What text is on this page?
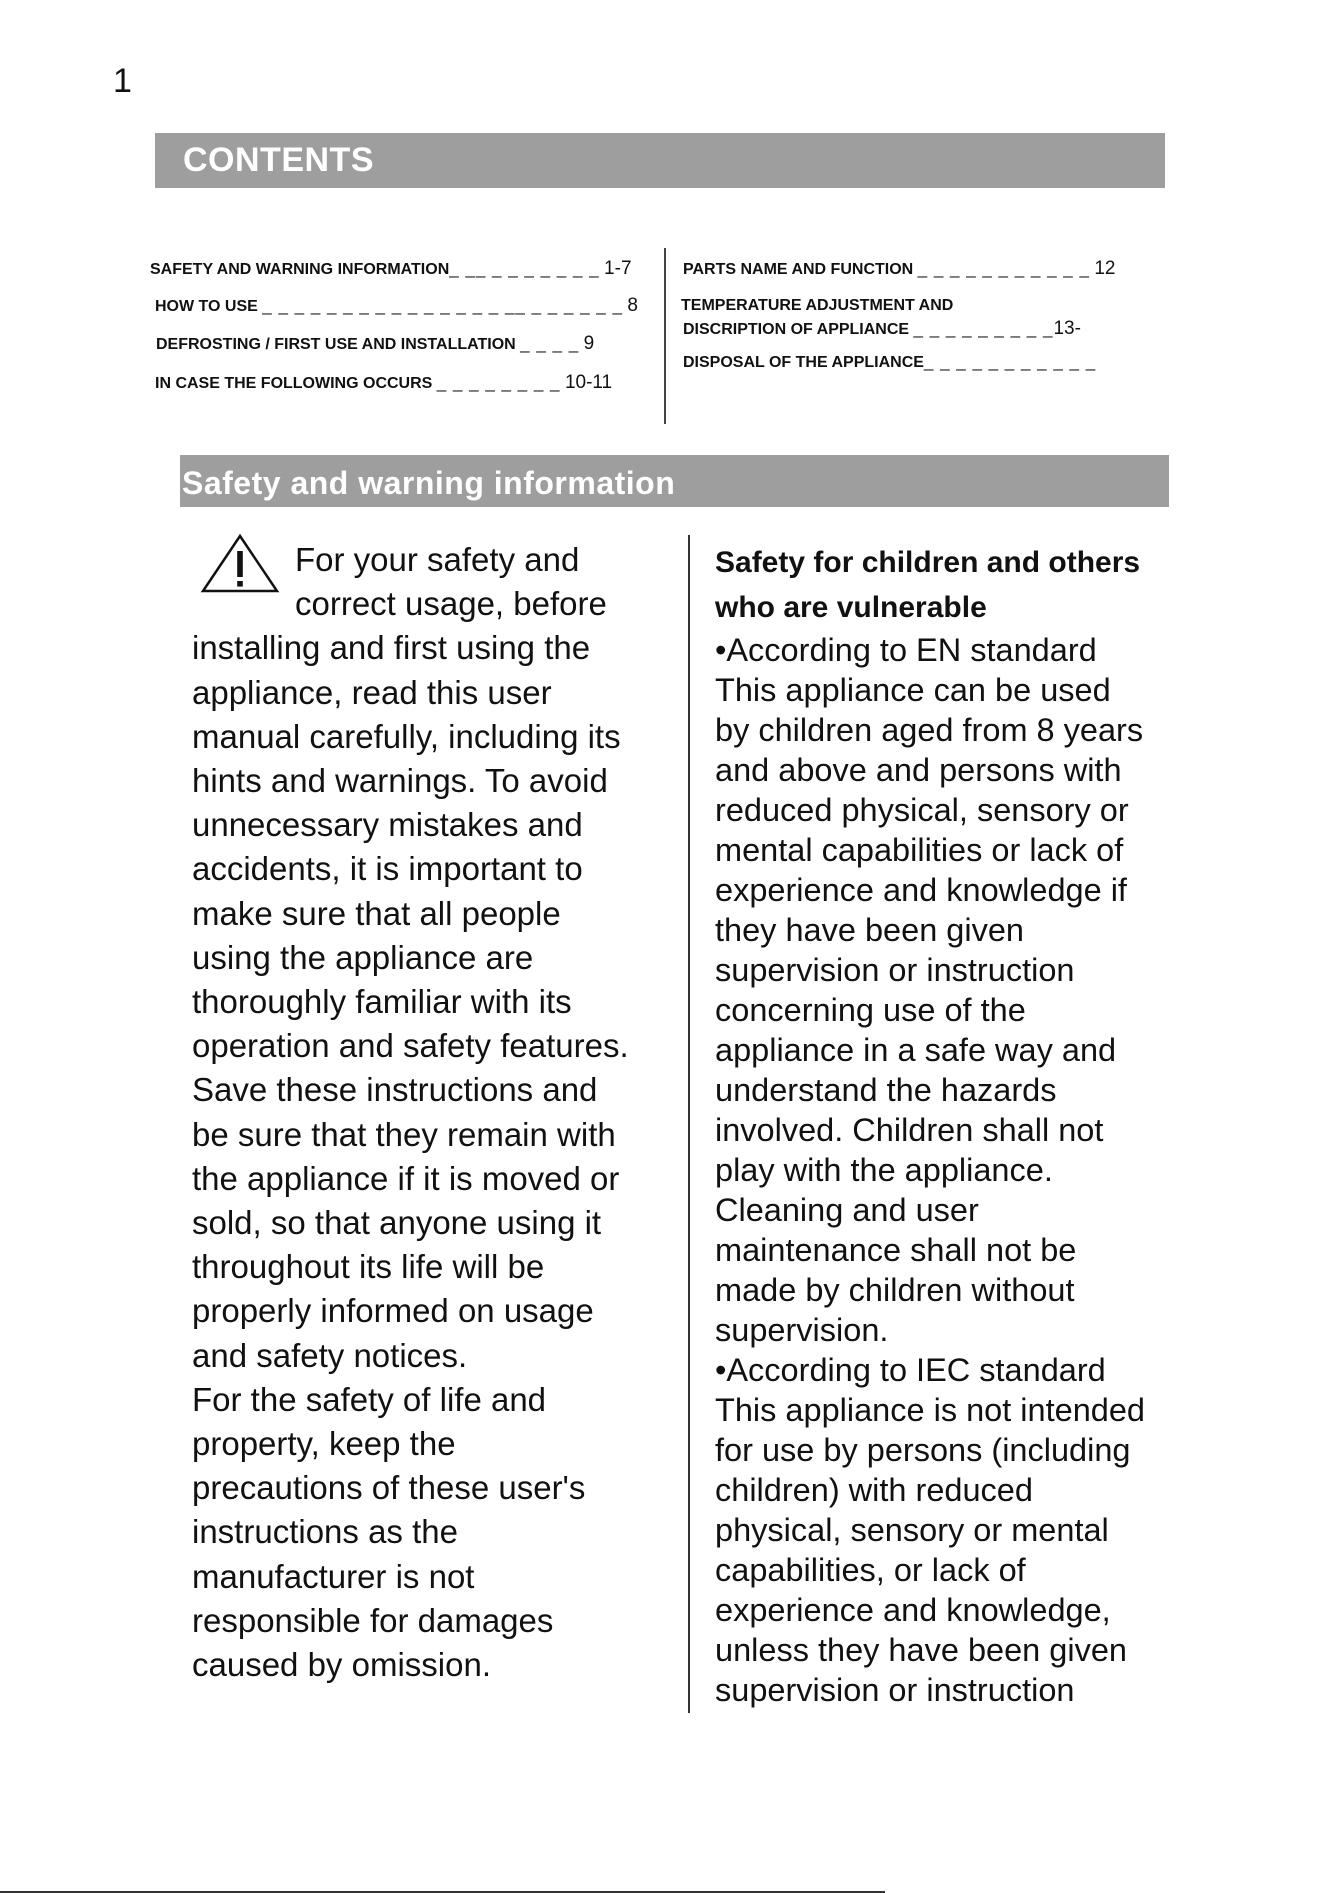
1
CONTENTS
SAFETY AND WARNING INFORMATION_ __ _ _ _ _ _ _ _ 1-7
HOW TO USE _ _ _ _ _ _ _ _ _ _ _ _ _ _ _ __ _ _ _ _ _ _ 8
DEFROSTING / FIRST USE AND INSTALLATION _ _ _ _ 9
IN CASE THE FOLLOWING OCCURS _ _ _ _ _ _ _ _ 10-11
PARTS NAME AND FUNCTION _ _ _ _ _ _ _ _ _ _ _ 12
TEMPERATURE ADJUSTMENT AND
DISCRIPTION OF APPLIANCE _ _ _ _ _ _ _ _ _13-
DISPOSAL OF THE APPLIANCE_ _ _ _ _ _ _ _ _ _ _
Safety and warning information
For your safety and
correct usage, before
installing and first using the
appliance, read this user
manual carefully, including its
hints and warnings. To avoid
unnecessary mistakes and
accidents, it is important to
make sure that all people
using the appliance are
thoroughly familiar with its
operation and safety features.
Save these instructions and
be sure that they remain with
the appliance if it is moved or
sold, so that anyone using it
throughout its life will be
properly informed on usage
and safety notices.
For the safety of life and
property, keep the
precautions of these user's
instructions as the
manufacturer is not
responsible for damages
caused by omission.
Safety for children and others
who are vulnerable
•According to EN standard
This appliance can be used
by children aged from 8 years
and above and persons with
reduced physical, sensory or
mental capabilities or lack of
experience and knowledge if
they have been given
supervision or instruction
concerning use of the
appliance in a safe way and
understand the hazards
involved. Children shall not
play with the appliance.
Cleaning and user
maintenance shall not be
made by children without
supervision.
•According to IEC standard
This appliance is not intended
for use by persons (including
children) with reduced
physical, sensory or mental
capabilities, or lack of
experience and knowledge,
unless they have been given
supervision or instruction
